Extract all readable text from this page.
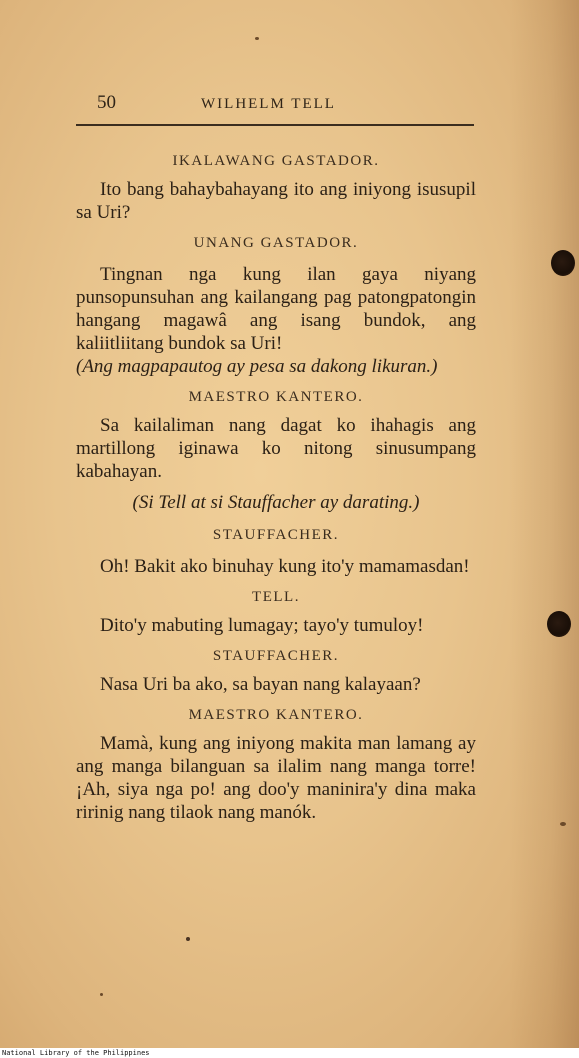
50	WILHELM TELL

IKALAWANG GASTADOR.

Ito bang bahaybahayang ito ang iniyong isusupil sa Uri?

UNANG GASTADOR.

Tingnan nga kung ilan gaya niyang punsopunsuhan ang kailangang pag patongpatongin hangang magawâ ang isang bundok, ang kaliitliitang bundok sa Uri!

(Ang magpapautog ay pesa sa dakong likuran.)

MAESTRO KANTERO.

Sa kailaliman nang dagat ko ihahagis ang martillong iginawa ko nitong sinusumpang kabahayan.

(Si Tell at si Stauffacher ay darating.)

STAUFFACHER.

Oh! Bakit ako binuhay kung ito'y mamamasdan!

TELL.

Dito'y mabuting lumagay; tayo'y tumuloy!

STAUFFACHER.

Nasa Uri ba ako, sa bayan nang kalayaan?

MAESTRO KANTERO.

Mamà, kung ang iniyong makita man lamang ay ang manga bilanguan sa ilalim nang manga torre! ¡Ah, siya nga po! ang doo'y maninira'y dina maka ririnig nang tilaok nang manók.

National Library of the Philippines
